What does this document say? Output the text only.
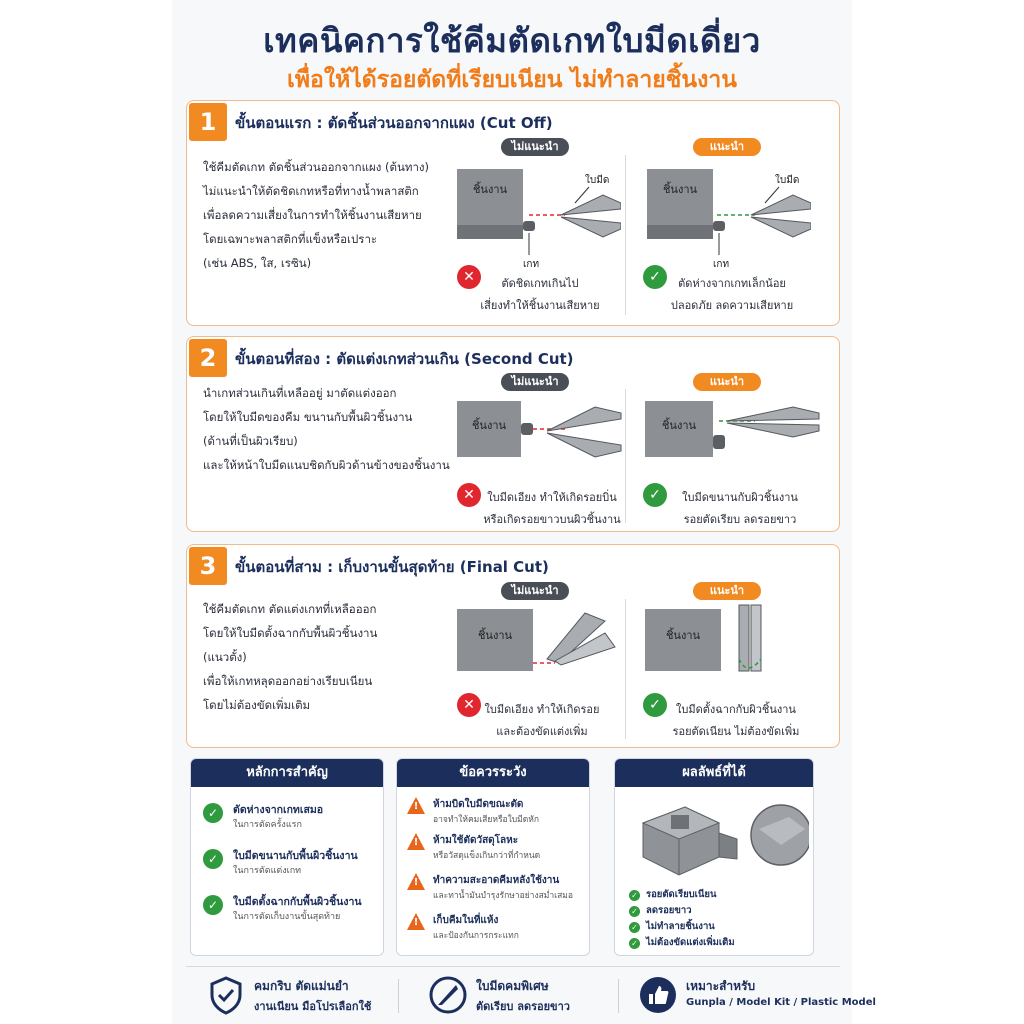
เทคนิคการใช้คีมตัดเกทใบมีดเดี่ยว
เพื่อให้ได้รอยตัดที่เรียบเนียน ไม่ทำลายชิ้นงาน
1	ขั้นตอนแรก : ตัดชิ้นส่วนออกจากแผง (Cut Off)
ใช้คีมตัดเกท ตัดชิ้นส่วนออกจากแผง (ต้นทาง)
ไม่แนะนำให้ตัดชิดเกทหรือที่ทางน้ำพลาสติก
เพื่อลดความเสี่ยงในการทำให้ชิ้นงานเสียหาย
โดยเฉพาะพลาสติกที่แข็งหรือเปราะ
(เช่น ABS, ใส, เรซิน)
ไม่แนะนำ	แนะนำ
ชิ้นงาน
ใบมีด
เกท
ชิ้นงาน
ใบมีด
เกท
✕	ตัดชิดเกทเกินไป
เสี่ยงทำให้ชิ้นงานเสียหาย
✓	ตัดห่างจากเกทเล็กน้อย
ปลอดภัย ลดความเสียหาย
2	ขั้นตอนที่สอง : ตัดแต่งเกทส่วนเกิน (Second Cut)
นำเกทส่วนเกินที่เหลืออยู่ มาตัดแต่งออก
โดยให้ใบมีดของคีม ขนานกับพื้นผิวชิ้นงาน
(ด้านที่เป็นผิวเรียบ)
และให้หน้าใบมีดแนบชิดกับผิวด้านข้างของชิ้นงาน
ไม่แนะนำ	แนะนำ
ชิ้นงาน	ชิ้นงาน
✕	ใบมีดเอียง ทำให้เกิดรอยบิ่น
หรือเกิดรอยขาวบนผิวชิ้นงาน
✓	ใบมีดขนานกับผิวชิ้นงาน
รอยตัดเรียบ ลดรอยขาว
3	ขั้นตอนที่สาม : เก็บงานขั้นสุดท้าย (Final Cut)
ใช้คีมตัดเกท ตัดแต่งเกทที่เหลือออก
โดยให้ใบมีดตั้งฉากกับพื้นผิวชิ้นงาน
(แนวตั้ง)
เพื่อให้เกทหลุดออกอย่างเรียบเนียน
โดยไม่ต้องขัดเพิ่มเติม
ไม่แนะนำ	แนะนำ
ชิ้นงาน	ชิ้นงาน
✕ ใบมีดเอียง ทำให้เกิดรอย
และต้องขัดแต่งเพิ่ม
✓	ใบมีดตั้งฉากกับผิวชิ้นงาน
รอยตัดเนียน ไม่ต้องขัดเพิ่ม
หลักการสำคัญ
✓	ตัดห่างจากเกทเสมอ
ในการตัดครั้งแรก
✓	ใบมีดขนานกับพื้นผิวชิ้นงาน
ในการตัดแต่งเกท
✓	ใบมีดตั้งฉากกับพื้นผิวชิ้นงาน
ในการตัดเก็บงานขั้นสุดท้าย
ข้อควรระวัง
!	ห้ามบิดใบมีดขณะตัด
อาจทำให้คมเสียหรือใบมีดหัก
!	ห้ามใช้ตัดวัสดุโลหะ
หรือวัสดุแข็งเกินกว่าที่กำหนด
!	ทำความสะอาดคีมหลังใช้งาน
และทาน้ำมันบำรุงรักษาอย่างสม่ำเสมอ
!	เก็บคีมในที่แห้ง
และป้องกันการกระแทก
ผลลัพธ์ที่ได้
✓ รอยตัดเรียบเนียน
✓ ลดรอยขาว
✓ ไม่ทำลายชิ้นงาน
✓ ไม่ต้องขัดแต่งเพิ่มเติม
คมกริบ ตัดแม่นยำ
งานเนียน มือโปรเลือกใช้
ใบมีดคมพิเศษ
ตัดเรียบ ลดรอยขาว
เหมาะสำหรับ
Gunpla / Model Kit / Plastic Model
